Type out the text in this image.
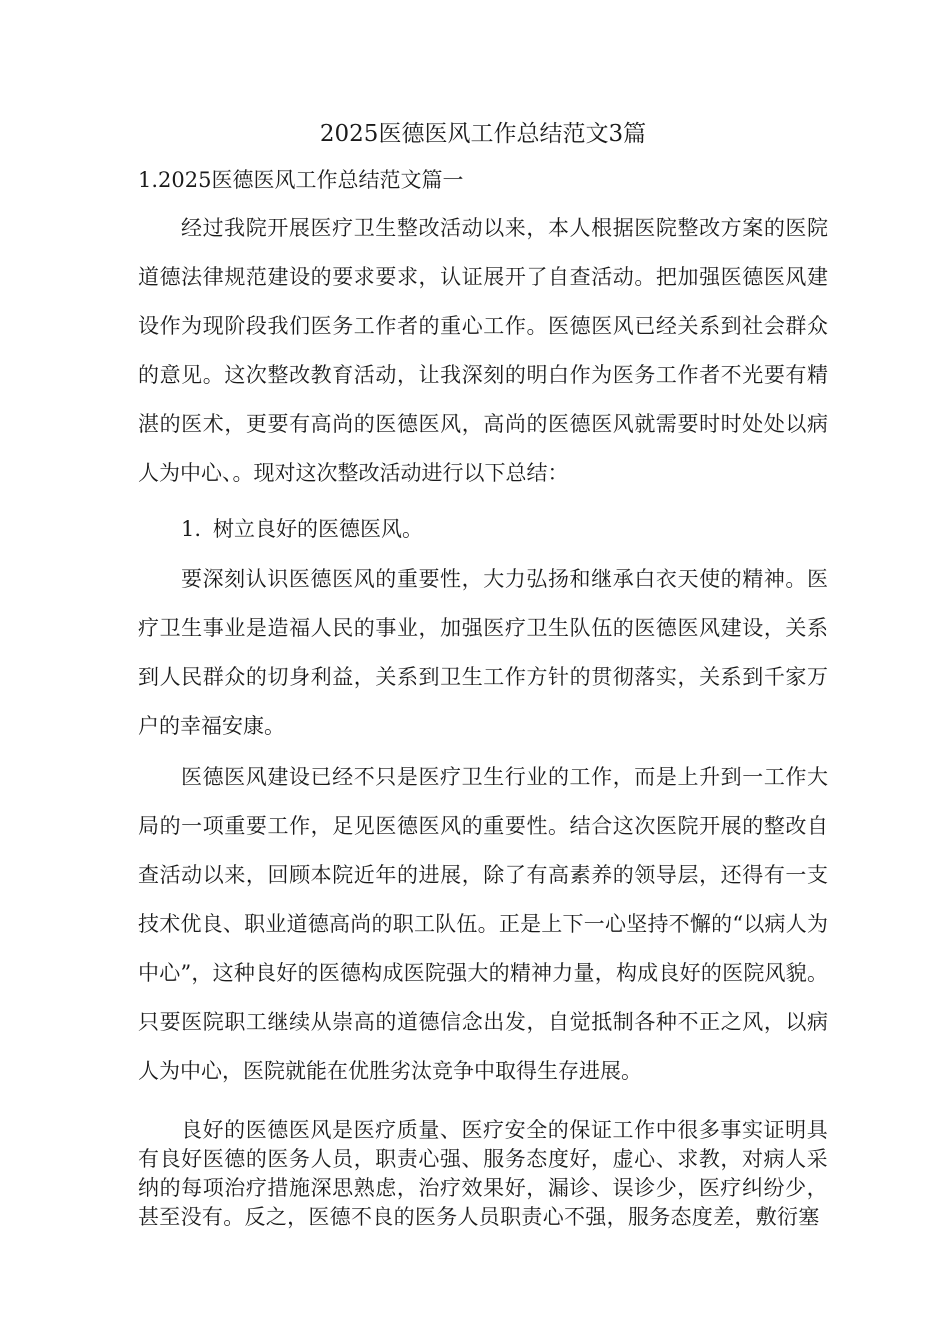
2025医德医风工作总结范文3篇
1.2025医德医风工作总结范文篇一

经过我院开展医疗卫生整改活动以来，本人根据医院整改方案的医院道德法律规范建设的要求要求，认证展开了自查活动。把加强医德医风建设作为现阶段我们医务工作者的重心工作。医德医风已经关系到社会群众的意见。这次整改教育活动，让我深刻的明白作为医务工作者不光要有精湛的医术，更要有高尚的医德医风，高尚的医德医风就需要时时处处以病人为中心、。现对这次整改活动进行以下总结：

1. 树立良好的医德医风。

要深刻认识医德医风的重要性，大力弘扬和继承白衣天使的精神。医疗卫生事业是造福人民的事业，加强医疗卫生队伍的医德医风建设，关系到人民群众的切身利益，关系到卫生工作方针的贯彻落实，关系到千家万户的幸福安康。

医德医风建设已经不只是医疗卫生行业的工作，而是上升到一工作大局的一项重要工作，足见医德医风的重要性。结合这次医院开展的整改自查活动以来，回顾本院近年的进展，除了有高素养的领导层，还得有一支技术优良、职业道德高尚的职工队伍。正是上下一心坚持不懈的“以病人为中心”，这种良好的医德构成医院强大的精神力量，构成良好的医院风貌。只要医院职工继续从崇高的道德信念出发，自觉抵制各种不正之风，以病人为中心，医院就能在优胜劣汰竞争中取得生存进展。

良好的医德医风是医疗质量、医疗安全的保证工作中很多事实证明具有良好医德的医务人员，职责心强、服务态度好，虚心、求教，对病人采纳的每项治疗措施深思熟虑，治疗效果好，漏诊、误诊少，医疗纠纷少，甚至没有。反之，医德不良的医务人员职责心不强，服务态度差，敷衍塞
